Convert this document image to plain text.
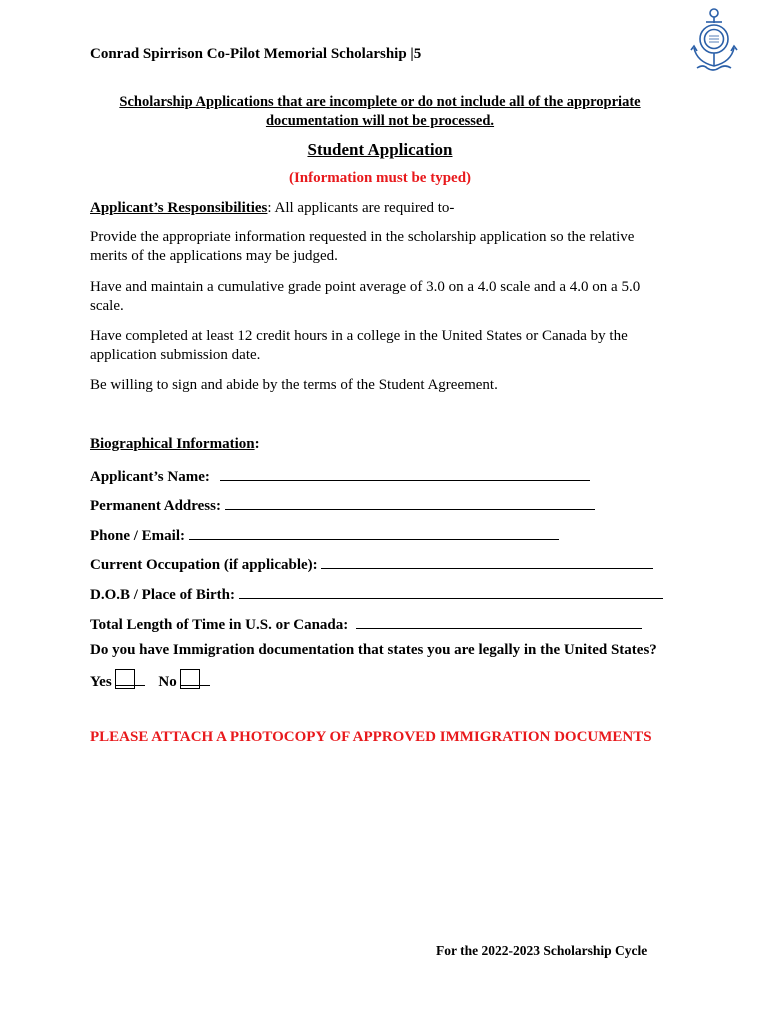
Conrad Spirrison Co-Pilot Memorial Scholarship |5
Scholarship Applications that are incomplete or do not include all of the appropriate documentation will not be processed.
Student Application
(Information must be typed)
Applicant’s Responsibilities: All applicants are required to-
Provide the appropriate information requested in the scholarship application so the relative merits of the applications may be judged.
Have and maintain a cumulative grade point average of 3.0 on a 4.0 scale and a 4.0 on a 5.0 scale.
Have completed at least 12 credit hours in a college in the United States or Canada by the application submission date.
Be willing to sign and abide by the terms of the Student Agreement.
Biographical Information:
Applicant’s Name:
Permanent Address:
Phone / Email:
Current Occupation (if applicable):
D.O.B / Place of Birth:
Total Length of Time in U.S. or Canada:
Do you have Immigration documentation that states you are legally in the United States?
Yes	No
PLEASE ATTACH A PHOTOCOPY OF APPROVED IMMIGRATION DOCUMENTS
For the 2022-2023 Scholarship Cycle
